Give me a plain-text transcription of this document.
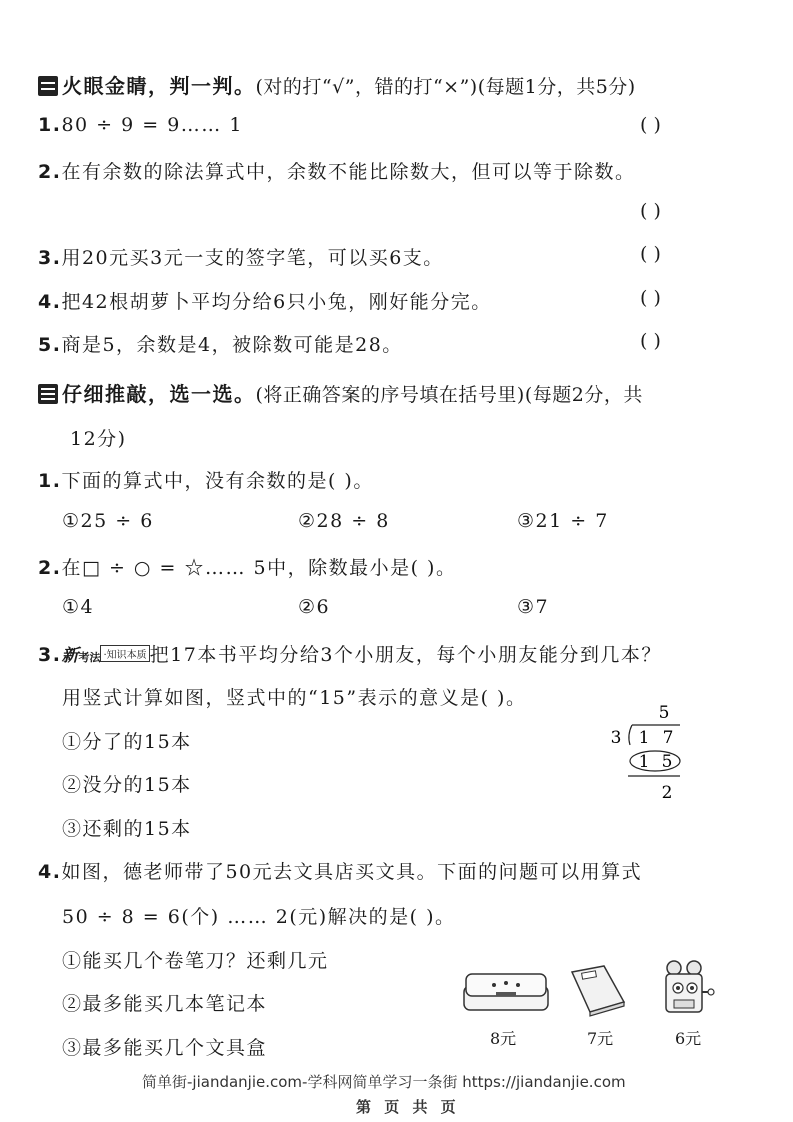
火眼金睛，判一判。(对的打“√”，错的打“×”)(每题1分，共5分)
1.80 ÷ 9 = 9…… 1	( )
2.在有余数的除法算式中，余数不能比除数大，但可以等于除数。
( )
3.用20元买3元一支的签字笔，可以买6支。	( )
4.把42根胡萝卜平均分给6只小兔，刚好能分完。	( )
5.商是5，余数是4，被除数可能是28。	( )
仔细推敲，选一选。(将正确答案的序号填在括号里)(每题2分，共
12分)
1.下面的算式中，没有余数的是( )。
①25 ÷ 6	②28 ÷ 8	③21 ÷ 7
2.在□ ÷ ○ = ☆…… 5中，除数最小是( )。
①4	②6	③7
3.新考法 ·知识本质 把17本书平均分给3个小朋友，每个小朋友能分到几本？
用竖式计算如图，竖式中的“15”表示的意义是( )。
①分了的15本
②没分的15本
③还剩的15本
5
3 1 7
1 5
2
4.如图，德老师带了50元去文具店买文具。下面的问题可以用算式
50 ÷ 8 = 6(个) …… 2(元)解决的是( )。
①能买几个卷笔刀？还剩几元
②最多能买几本笔记本
③最多能买几个文具盒	8元	7元	6元
简单街-jiandanjie.com-学科网简单学习一条街 https://jiandanjie.com
第 页 共 页
